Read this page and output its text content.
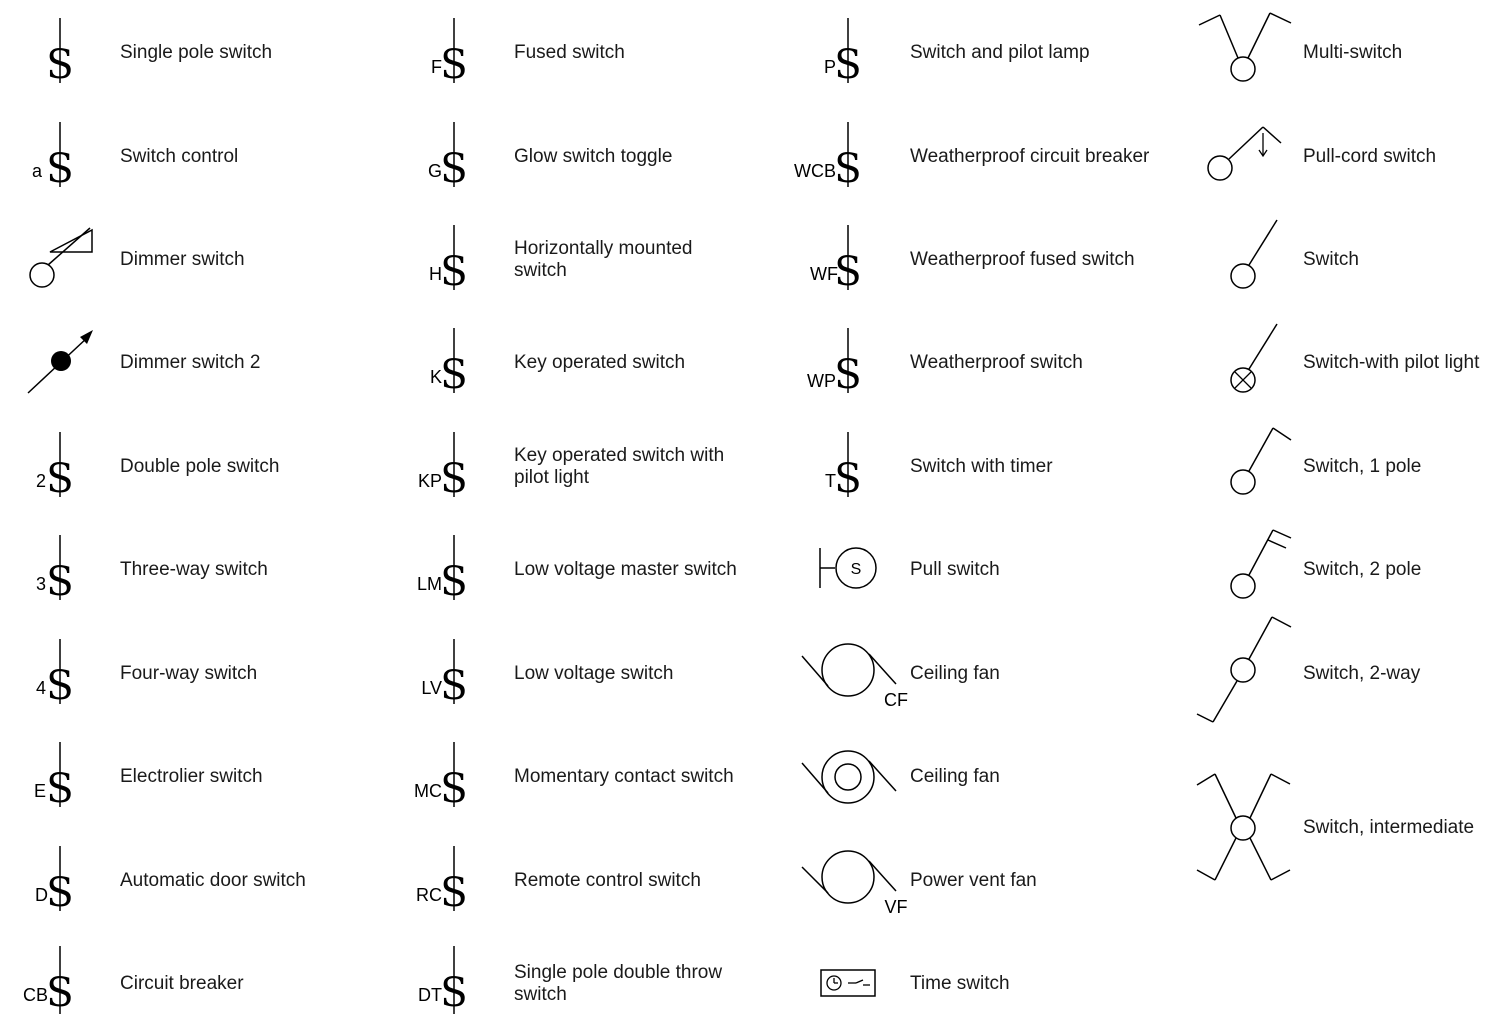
S Single pole switch
S
a
Switch control
Dimmer switch
Dimmer switch 2
S
2
Double pole switch
S
3
Three-way switch
S
4
Four-way switch
S
E
Electrolier switch
S
D
Automatic door switch
S
CB
Circuit breaker
S
F
Fused switch
S
G
Glow switch toggle
S
H
Horizontally mounted switch
S
K
Key operated switch
S
KP
Key operated switch with pilot light
S
LM
Low voltage master switch
S
LV
Low voltage switch
S
MC
Momentary contact switch
S
RC
Remote control switch
S
DT
Single pole double throw switch
S
P
Switch and pilot lamp
S
WCB
Weatherproof circuit breaker
S
WF
Weatherproof fused switch
S
WP
Weatherproof switch
S
T
Switch with timer
S	Pull switch
CF
Ceiling fan
Ceiling fan
VF
Power vent fan
Time switch
Multi-switch
Pull-cord switch
Switch
Switch-with pilot light
Switch, 1 pole
Switch, 2 pole
Switch, 2-way
Switch, intermediate
